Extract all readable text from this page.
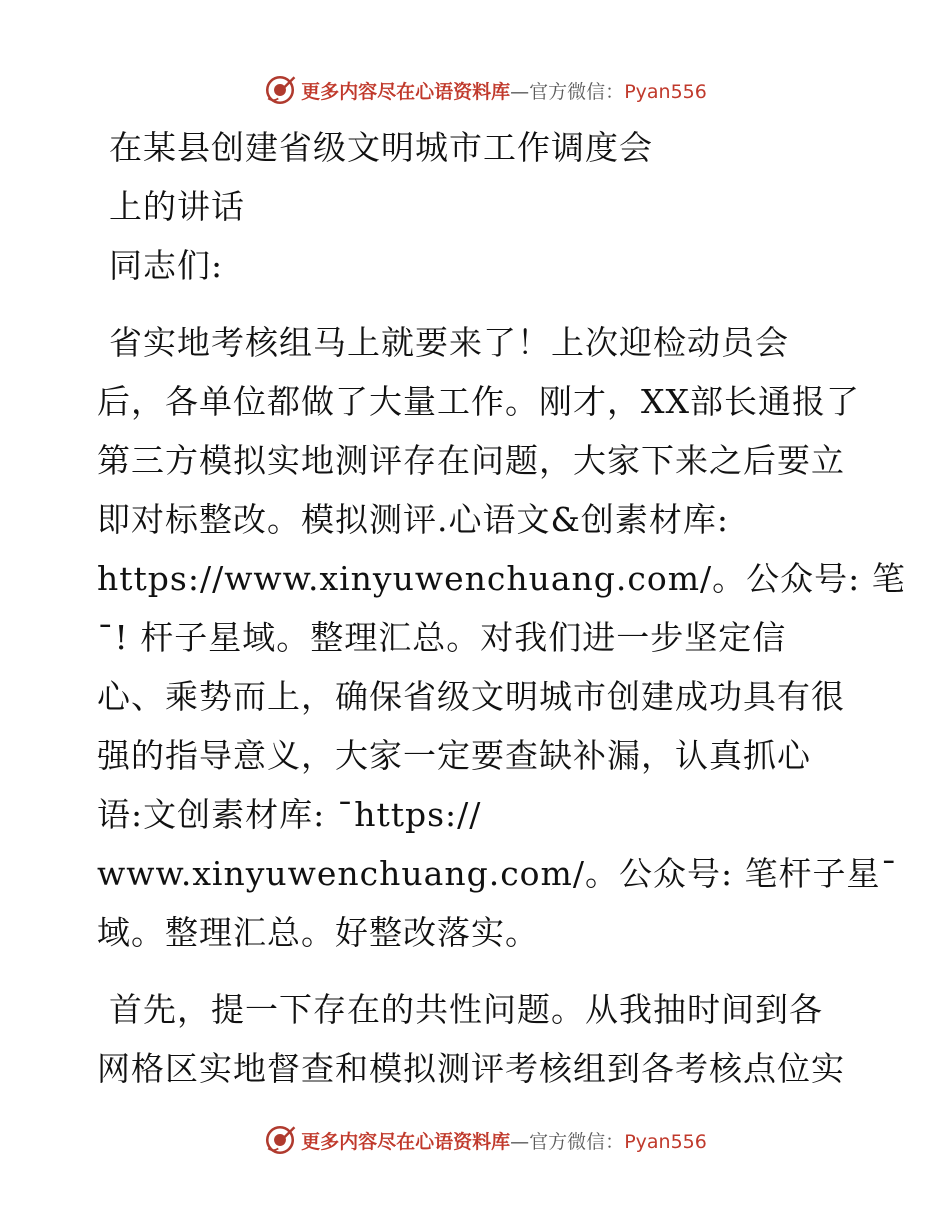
更多内容尽在心语资料库—官方微信：Pyan556
在某县创建省级文明城市工作调度会
上的讲话
同志们:
省实地考核组马上就要来了！上次迎检动员会
后，各单位都做了大量工作。刚才，XX部长通报了
第三方模拟实地测评存在问题，大家下来之后要立
即对标整改。模拟测评.心语文&创素材库:
https://www.xinyuwenchuang.com/。公众号: 笔
¯! 杆子星域。整理汇总。对我们进一步坚定信
心、乘势而上，确保省级文明城市创建成功具有很
强的指导意义，大家一定要查缺补漏，认真抓心
语:文创素材库: ¯https://
www.xinyuwenchuang.com/。公众号: 笔杆子星¯
域。整理汇总。好整改落实。
首先，提一下存在的共性问题。从我抽时间到各
网格区实地督查和模拟测评考核组到各考核点位实
更多内容尽在心语资料库—官方微信：Pyan556
